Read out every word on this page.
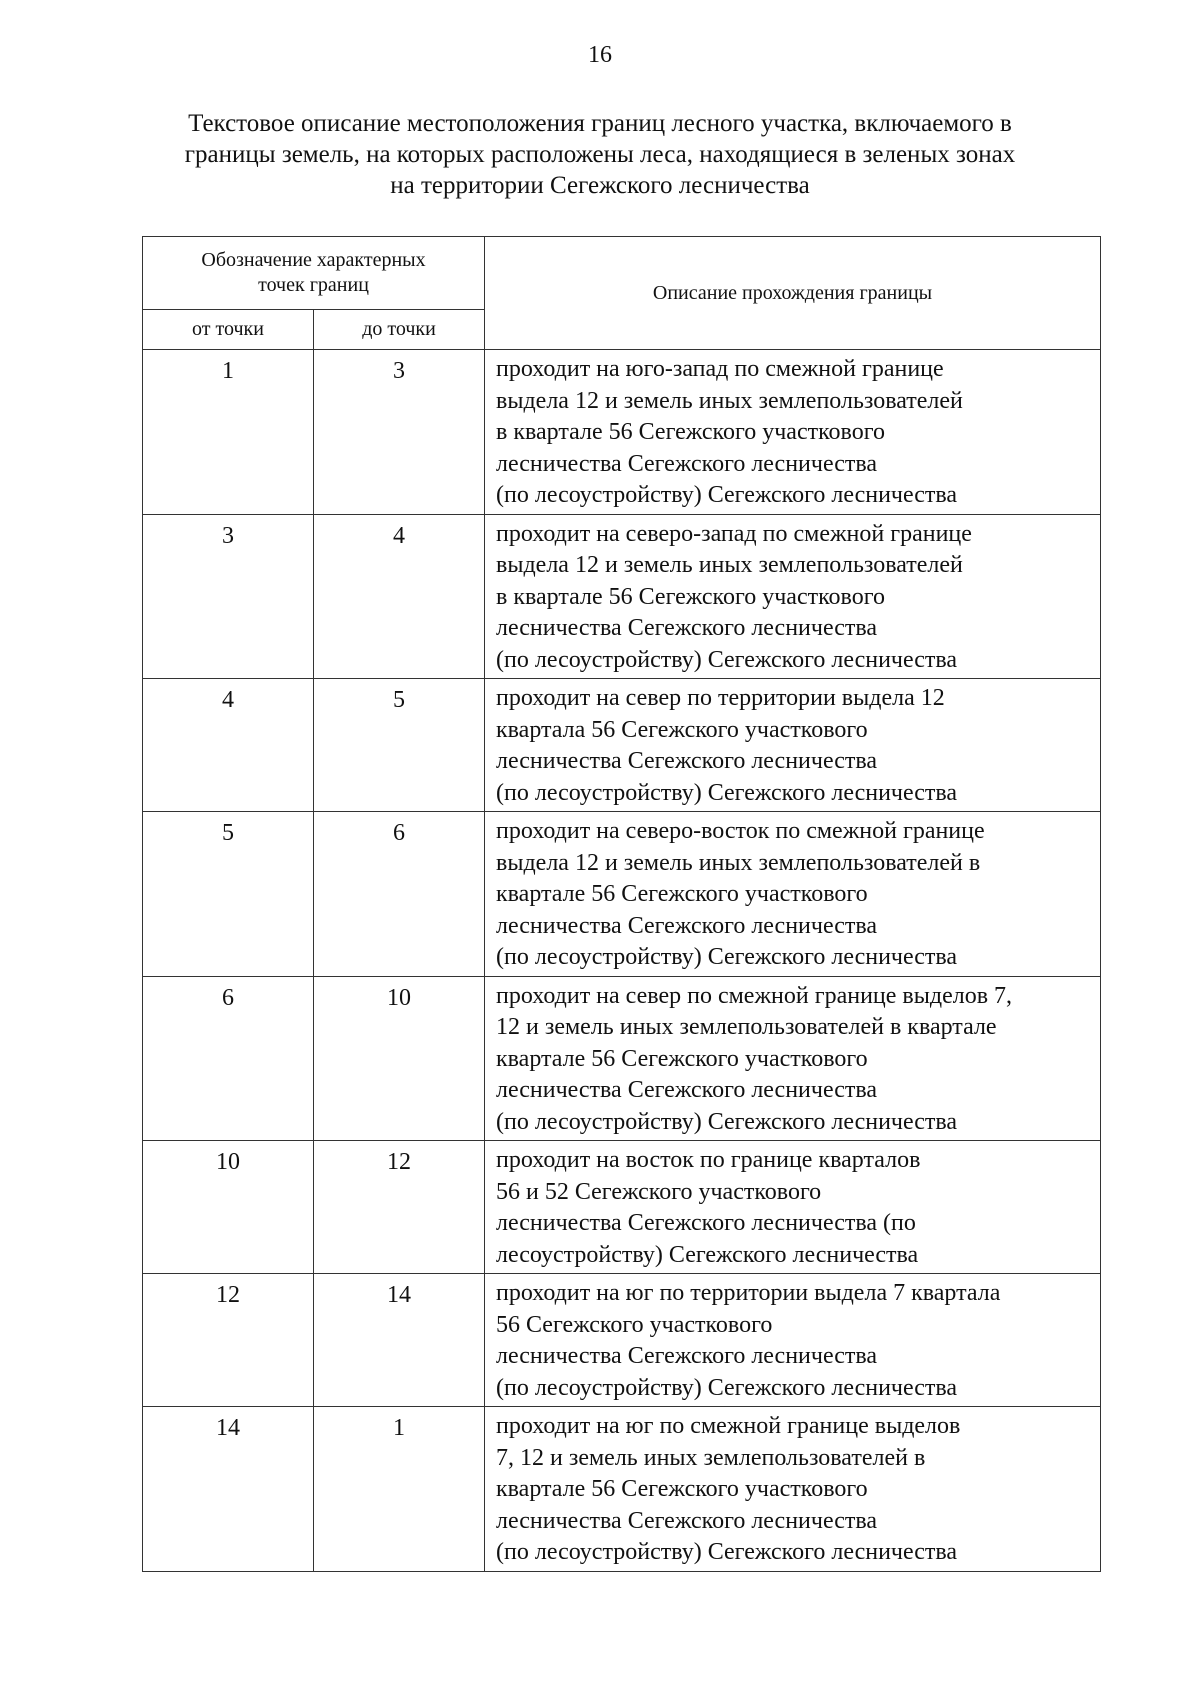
16
Текстовое описание местоположения границ лесного участка, включаемого в
границы земель, на которых расположены леса, находящиеся в зеленых зонах
на территории Сегежского лесничества
Обозначение характерных
точек границ		Описание прохождения границы
от точки	до точки	
1	3	проходит на юго-запад по смежной границе
выдела 12 и земель иных землепользователей
в квартале 56 Сегежского участкового
лесничества Сегежского лесничества
(по лесоустройству) Сегежского лесничества

3	4	проходит на северо-запад по смежной границе
выдела 12 и земель иных землепользователей
в квартале 56 Сегежского участкового
лесничества Сегежского лесничества
(по лесоустройству) Сегежского лесничества

4	5	проходит на север по территории выдела 12
квартала 56 Сегежского участкового
лесничества Сегежского лесничества
(по лесоустройству) Сегежского лесничества

5	6	проходит на северо-восток по смежной границе
выдела 12 и земель иных землепользователей в
квартале 56 Сегежского участкового
лесничества Сегежского лесничества
(по лесоустройству) Сегежского лесничества

6	10	проходит на север по смежной границе выделов 7,
12 и земель иных землепользователей в квартале
квартале 56 Сегежского участкового
лесничества Сегежского лесничества
(по лесоустройству) Сегежского лесничества

10	12	проходит на восток по границе кварталов
56 и 52 Сегежского участкового
лесничества Сегежского лесничества (по
лесоустройству) Сегежского лесничества

12	14	проходит на юг по территории выдела 7 квартала
56 Сегежского участкового
лесничества Сегежского лесничества
(по лесоустройству) Сегежского лесничества

14	1	проходит на юг по смежной границе выделов
7, 12 и земель иных землепользователей в
квартале 56 Сегежского участкового
лесничества Сегежского лесничества
(по лесоустройству) Сегежского лесничества
